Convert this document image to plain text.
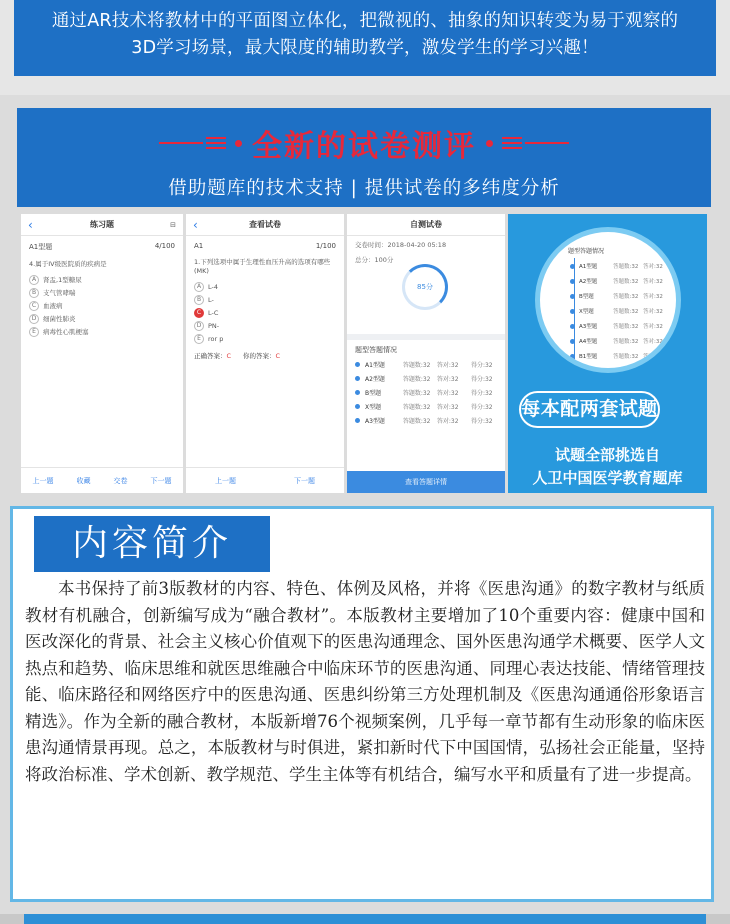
通过AR技术将教材中的平面图立体化，把微视的、抽象的知识转变为易于观察的
3D学习场景，最大限度的辅助教学，激发学生的学习兴趣！
全新的试卷测评
借助题库的技术支持 | 提供试卷的多纬度分析
‹	练习题	⊟
A1型题	4/100
4.属于IV级医院质的疾病是
A	肾盂,1型糖尿
B	支气管哮喘
C	血液病
D	细菌性肺炎
E	病毒性心肌梗塞
上一题	收藏	交卷	下一题
‹	查看试卷
A1	1/100
1.下列选项中属于生理性血压升高的选项有哪些(MK)
A	L-4
B	L-
C	L-C
D	PN-
E	ror p
正确答案：C 你的答案：C
上一题	下一题
自测试卷
交卷时间：2018-04-20 05:18
总分：100分
85分
题型答题情况
A1型题	答题数:32	答对:32	得分:32
A2型题	答题数:32	答对:32	得分:32
B型题	答题数:32	答对:32	得分:32
X型题	答题数:32	答对:32	得分:32
A3型题	答题数:32	答对:32	得分:32
查看答题详情
题型答题情况
A1型题	答题数:32 答对:32
A2型题	答题数:32 答对:32
B型题	答题数:32 答对:32
X型题	答题数:32 答对:32
A3型题	答题数:32 答对:32
A4型题	答题数:32 答对:32
B1型题	答题数:32 答对:32
每本配两套试题
试题全部挑选自
人卫中国医学教育题库
内容简介

本书保持了前3版教材的内容、特色、体例及风格，并将《医患沟通》的数字教材与纸质教材有机融合，创新编写成为“融合教材”。本版教材主要增加了10个重要内容：健康中国和医改深化的背景、社会主义核心价值观下的医患沟通理念、国外医患沟通学术概要、医学人文热点和趋势、临床思维和就医思维融合中临床环节的医患沟通、同理心表达技能、情绪管理技能、临床路径和网络医疗中的医患沟通、医患纠纷第三方处理机制及《医患沟通通俗形象语言精选》。作为全新的融合教材，本版新增76个视频案例，几乎每一章节都有生动形象的临床医患沟通情景再现。总之，本版教材与时俱进，紧扣新时代下中国国情，弘扬社会正能量，坚持将政治标准、学术创新、教学规范、学生主体等有机结合，编写水平和质量有了进一步提高。
